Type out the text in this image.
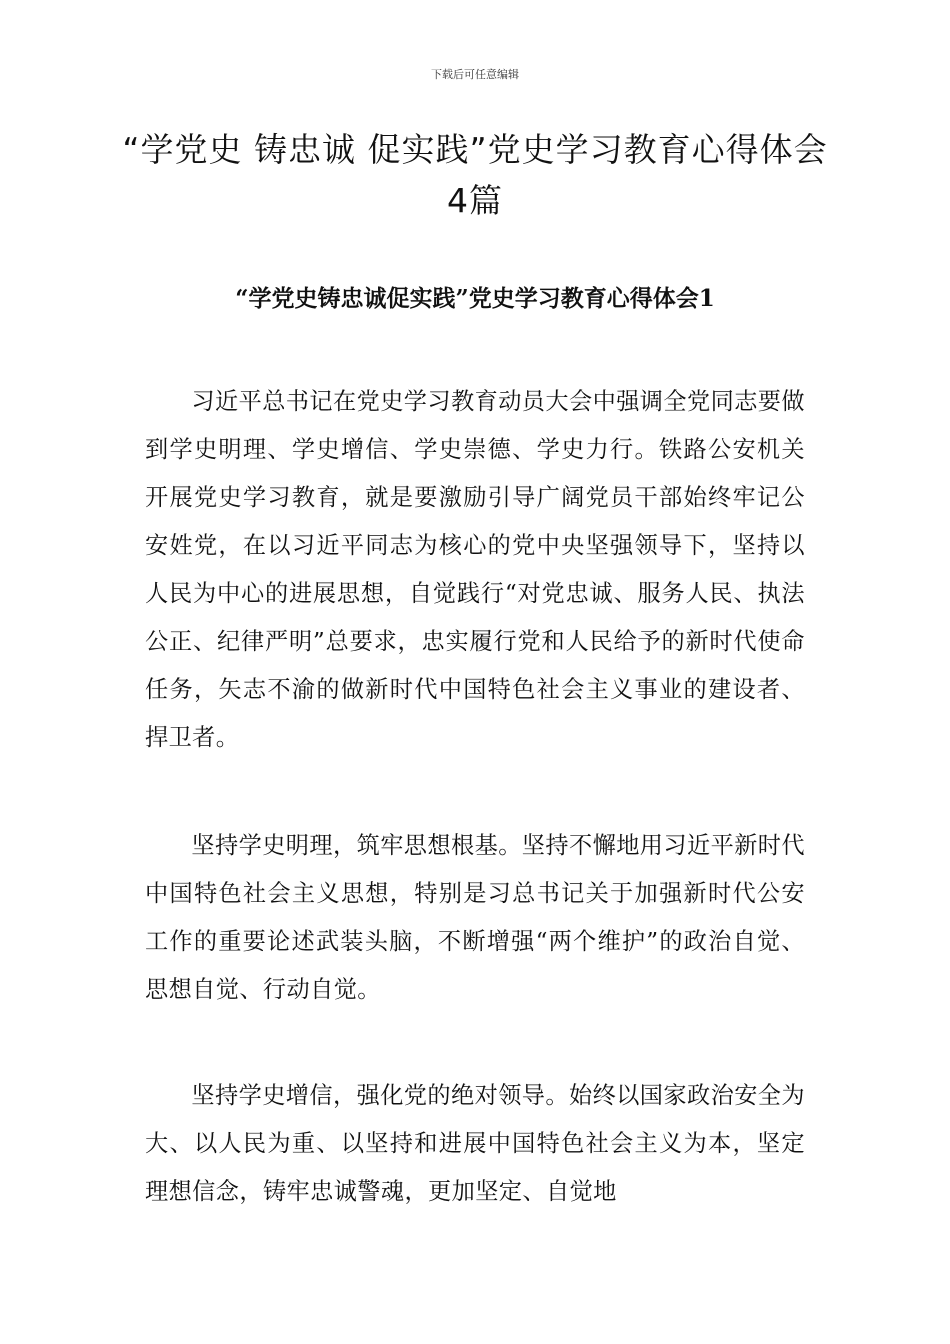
下载后可任意编辑
“学党史 铸忠诚 促实践”党史学习教育心得体会4篇
“学党史铸忠诚促实践”党史学习教育心得体会1

习近平总书记在党史学习教育动员大会中强调全党同志要做到学史明理、学史增信、学史崇德、学史力行。铁路公安机关开展党史学习教育，就是要激励引导广阔党员干部始终牢记公安姓党，在以习近平同志为核心的党中央坚强领导下，坚持以人民为中心的进展思想，自觉践行“对党忠诚、服务人民、执法公正、纪律严明”总要求，忠实履行党和人民给予的新时代使命任务，矢志不渝的做新时代中国特色社会主义事业的建设者、捍卫者。

坚持学史明理，筑牢思想根基。坚持不懈地用习近平新时代中国特色社会主义思想，特别是习总书记关于加强新时代公安工作的重要论述武装头脑，不断增强“两个维护”的政治自觉、思想自觉、行动自觉。

坚持学史增信，强化党的绝对领导。始终以国家政治安全为大、以人民为重、以坚持和进展中国特色社会主义为本，坚定理想信念，铸牢忠诚警魂，更加坚定、自觉地
